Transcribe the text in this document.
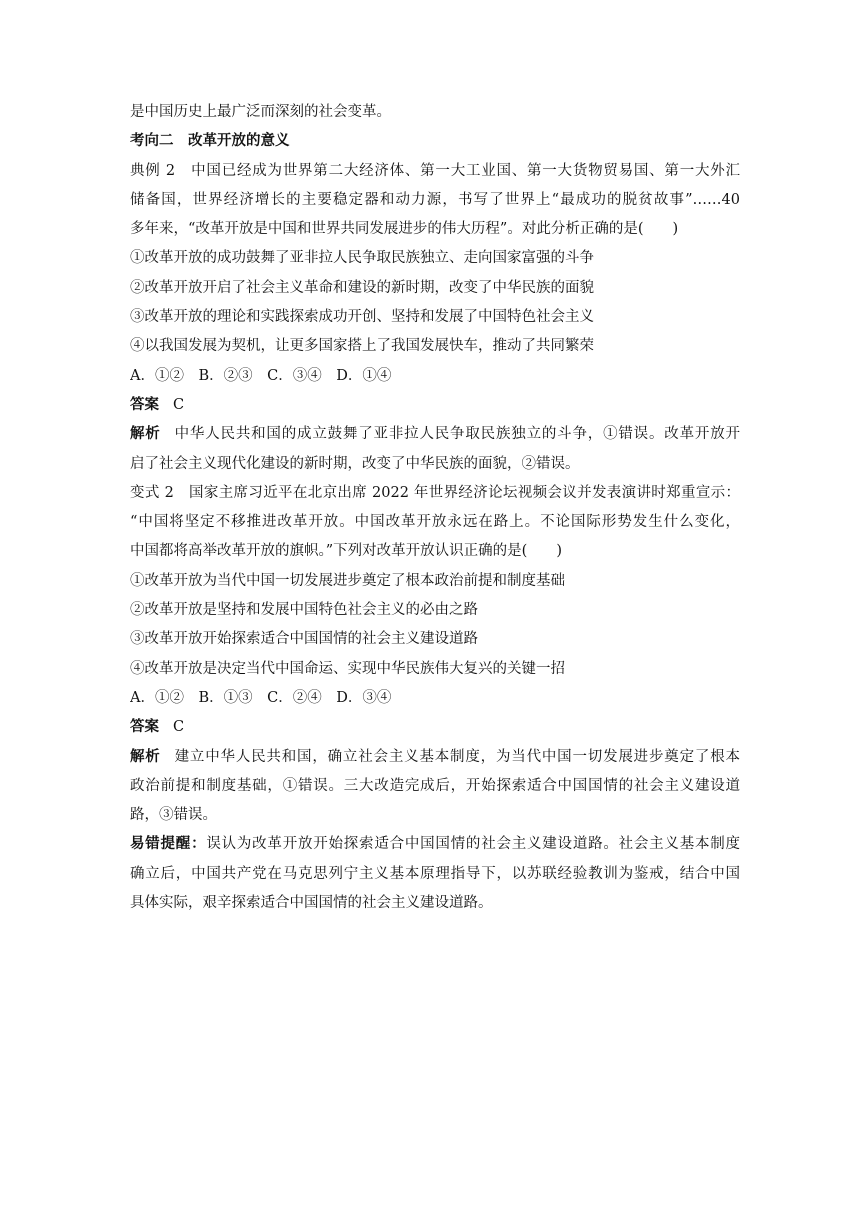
是中国历史上最广泛而深刻的社会变革。
考向二　改革开放的意义
典例 2　中国已经成为世界第二大经济体、第一大工业国、第一大货物贸易国、第一大外汇
储备国，世界经济增长的主要稳定器和动力源，书写了世界上“最成功的脱贫故事”……40
多年来，“改革开放是中国和世界共同发展进步的伟大历程”。对此分析正确的是(　　)
①改革开放的成功鼓舞了亚非拉人民争取民族独立、走向国家富强的斗争
②改革开放开启了社会主义革命和建设的新时期，改变了中华民族的面貌
③改革开放的理论和实践探索成功开创、坚持和发展了中国特色社会主义
④以我国发展为契机，让更多国家搭上了我国发展快车，推动了共同繁荣
A．①②　B．②③　C．③④　D．①④
答案 C
解析 中华人民共和国的成立鼓舞了亚非拉人民争取民族独立的斗争，①错误。改革开放开
启了社会主义现代化建设的新时期，改变了中华民族的面貌，②错误。
变式 2　国家主席习近平在北京出席 2022 年世界经济论坛视频会议并发表演讲时郑重宣示：
“中国将坚定不移推进改革开放。中国改革开放永远在路上。不论国际形势发生什么变化，
中国都将高举改革开放的旗帜。”下列对改革开放认识正确的是(　　)
①改革开放为当代中国一切发展进步奠定了根本政治前提和制度基础
②改革开放是坚持和发展中国特色社会主义的必由之路
③改革开放开始探索适合中国国情的社会主义建设道路
④改革开放是决定当代中国命运、实现中华民族伟大复兴的关键一招
A．①②　B．①③　C．②④　D．③④
答案 C
解析 建立中华人民共和国，确立社会主义基本制度，为当代中国一切发展进步奠定了根本
政治前提和制度基础，①错误。三大改造完成后，开始探索适合中国国情的社会主义建设道
路，③错误。
易错提醒：误认为改革开放开始探索适合中国国情的社会主义建设道路。社会主义基本制度
确立后，中国共产党在马克思列宁主义基本原理指导下，以苏联经验教训为鉴戒，结合中国
具体实际，艰辛探索适合中国国情的社会主义建设道路。
